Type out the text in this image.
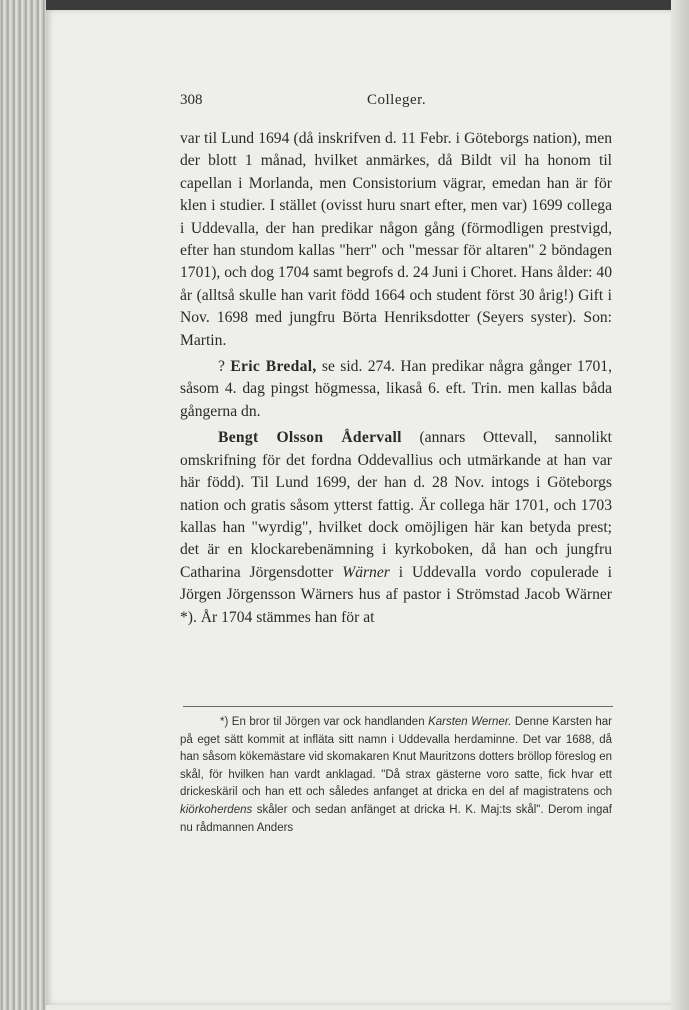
308	Colleger.

var til Lund 1694 (då inskrifven d. 11 Febr. i Göteborgs nation), men der blott 1 månad, hvilket anmärkes, då Bildt vil ha honom til capellan i Morlanda, men Consistorium vägrar, emedan han är för klen i studier. I stället (ovisst huru snart efter, men var) 1699 collega i Uddevalla, der han predikar någon gång (förmodligen prestvigd, efter han stundom kallas "herr" och "messar för altaren" 2 böndagen 1701), och dog 1704 samt begrofs d. 24 Juni i Choret. Hans ålder: 40 år (alltså skulle han varit född 1664 och student först 30 årig!) Gift i Nov. 1698 med jungfru Börta Henriksdotter (Seyers syster). Son: Martin.

? Eric Bredal, se sid. 274. Han predikar några gånger 1701, såsom 4. dag pingst högmessa, likaså 6. eft. Trin. men kallas båda gångerna dn.

Bengt Olsson Ådervall (annars Ottevall, sannolikt omskrifning för det fordna Oddevallius och utmärkande at han var här född). Til Lund 1699, der han d. 28 Nov. intogs i Göteborgs nation och gratis såsom ytterst fattig. Är collega här 1701, och 1703 kallas han "wyrdig", hvilket dock omöjligen här kan betyda prest; det är en klockarebenämning i kyrkoboken, då han och jungfru Catharina Jörgensdotter Wärner i Uddevalla vordo copulerade i Jörgen Jörgensson Wärners hus af pastor i Strömstad Jacob Wärner *). År 1704 stämmes han för at

*) En bror til Jörgen var ock handlanden Karsten Werner. Denne Karsten har på eget sätt kommit at infläta sitt namn i Uddevalla herdaminne. Det var 1688, då han såsom kökemästare vid skomakaren Knut Mauritzons dotters bröllop föreslog en skål, för hvilken han vardt anklagad. "Då strax gästerne voro satte, fick hvar ett drickeskäril och han ett och således anfanget at dricka en del af magistratens och kiörkoherdens skåler och sedan anfänget at dricka H. K. Maj:ts skål". Derom ingaf nu rådmannen Anders
